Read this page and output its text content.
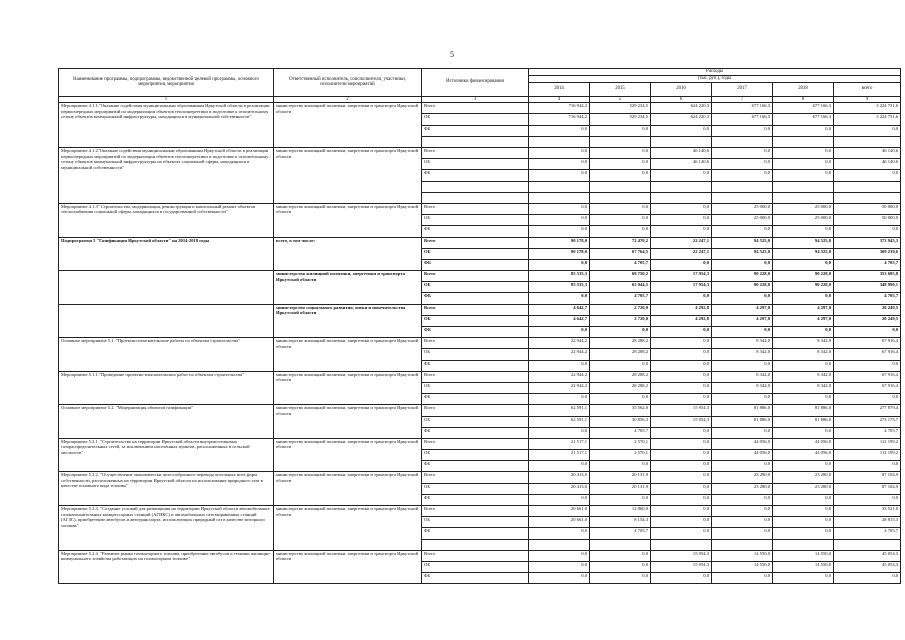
5
Наименование программы, подпрограммы, ведомственной целевой программы, основного мероприятия, мероприятия	Ответственный исполнитель, соисполнители, участники, исполнители мероприятий	Источники финансирования	Расходы					
			(тыс. руб.), годы					
			2014	2015	2016	2017	2018	всего
1	2	3	4	5	6	7	8	9
Мероприятие 4.1.1."Оказание содействия муниципальным образованиям Иркутской области в реализации первоочередных мероприятий по модернизации объектов теплоэнергетики и подготовке к отопительному сезону объектов коммунальной инфраструктуры, находящихся в муниципальной собственности"	министерство жилищной политики, энергетики и транспорта Иркутской области	Всего	716 944,2	529 234,5	624 220,3	677 166,3	677 166,3	3 224 731,6
		ОБ	716 944,2	529 234,5	624 220,3	677 166,3	677 166,3	3 224 731,6
		ФБ	0,0	0,0	0,0	0,0	0,0	0,0

Мероприятие 4.1.2"Оказание содействия муниципальным образованиям Иркутской области в реализации первоочередных мероприятий по модернизации объектов теплоэнергетики и подготовке к отопительному сезону объектов коммунальной инфраструктуры на объектах социальной сферы, находящихся в муниципальной собственности"	министерство жилищной политики, энергетики и транспорта Иркутской области	Всего	0,0	0,0	46 140,6	0,0	0,0	46 140,6
		ОБ	0,0	0,0	46 140,6	0,0	0,0	46 140,6
		ФБ	0,0	0,0	0,0	0,0	0,0	0,0

Мероприятие 4.1.3" Строительство, модернизация, реконструкция и капитальный ремонт объектов теплоснабжения социальной сферы, находящихся в государственной собственности"	министерство жилищной политики, энергетики и транспорта Иркутской области	Всего	0,0	0,0	0,0	25 000,0	25 000,0	50 000,0
		ОБ	0,0	0,0	0,0	25 000,0	25 000,0	50 000,0
		ФБ	0,0	0,0	0,0	0,0	0,0	0,0
Подпрограмма 5 "Газификация Иркутской области" на 2014-2018 годы	всего, в том числе:	Всего	90 178,0	72 470,2	22 247,1	94 525,0	94 525,0	373 945,3
		ОБ	90 178,0	67 764,5	22 247,1	94 525,0	94 525,0	369 239,6
		ФБ	0,0	4 705,7	0,0	0,0	0,0	4 705,7
	министерство жилищной политики, энергетики и транспорта Иркутской области	Всего	85 535,3	69 750,2	17 954,3	90 228,0	90 228,0	353 695,8
		ОБ	85 535,3	65 044,5	17 954,3	90 228,0	90 228,0	348 990,1
		ФБ	0,0	4 705,7	0,0	0,0	0,0	4 705,7
	министерство социального развития, опеки и попечительства Иркутской области	Всего	4 642,7	2 720,0	4 292,8	4 297,0	4 297,0	20 249,5
		ОБ	4 642,7	2 720,0	4 292,8	4 297,0	4 297,0	20 249,5
		ФБ	0,0	0,0	0,0	0,0	0,0	0,0
Основное мероприятие 5.1. "Проектно-изыскательские работы по объектам строительства"	министерство жилищной политики, энергетики и транспорта Иркутской области	Всего	22 944,2	28 288,2	0,0	8 342,0	8 342,0	67 916,4
		ОБ	22 944,2	28 288,2	0,0	8 342,0	8 342,0	67 916,4
		ФБ	0,0	0,0	0,0	0,0	0,0	0,0
Мероприятие 5.1.1."Проведение проектно-изыскательских работ по объектам строительства"	министерство жилищной политики, энергетики и транспорта Иркутской области	Всего	22 944,2	28 288,2	0,0	8 342,0	8 342,0	67 916,4
		ОБ	22 944,2	28 288,2	0,0	8 342,0	8 342,0	67 916,4
		ФБ	0,0	0,0	0,0	0,0	0,0	0,0
Основное мероприятие 5.2. "Модернизация объектов газификации"	министерство жилищной политики, энергетики и транспорта Иркутской области	Всего	62 591,1	35 562,0	15 954,3	81 886,0	81 886,0	277 879,4
		ОБ	62 591,1	30 856,3	15 954,3	81 886,0	81 886,0	273 173,7
		ФБ	0,0	4 705,7	0,0	0,0	0,0	4 705,7
Мероприятие 5.2.1. "Строительство на территории Иркутской области внутрипоселковых газораспределительных сетей, за исключением населенных пунктов, расположенных в сельской местности"	министерство жилищной политики, энергетики и транспорта Иркутской области	Всего	21 517,1	2 570,1	0,0	44 056,0	44 056,0	112 199,2
		ОБ	21 517,1	2 570,1	0,0	44 056,0	44 056,0	112 199,2
		ФБ	0,0	0,0	0,0	0,0	0,0	0,0
Мероприятие 5.2.2. "Осуществление экономически целесообразного перевода котельных всех форм собственности, расположенных на территории Иркутской области на использование природного газа в качестве основного вида топлива"	министерство жилищной политики, энергетики и транспорта Иркутской области	Всего	20 413,0	20 131,9	0,0	23 280,0	23 280,0	87 104,9
		ОБ	20 413,0	20 131,9	0,0	23 280,0	23 280,0	87 104,9
		ФБ	0,0	0,0	0,0	0,0	0,0	0,0
Мероприятие 5.2.3. "Создание условий для размещения на территории Иркутской области автомобильных газонаполнительных компрессорных станций (АГНКС) и автомобильных газозаправочных станций (АГЗС), приобретение автобусов и автотранспорта, использующих природный газ в качестве моторного топлива"	министерство жилищной политики, энергетики и транспорта Иркутской области	Всего	20 661,0	12 860,0	0,0	0,0	0,0	33 521,0
		ОБ	20 661,0	8 154,3	0,0	0,0	0,0	28 815,3
		ФБ	0,0	4 705,7	0,0	0,0	0,0	4 705,7

Мероприятие 5.2.4. "Развитие рынка газомоторного топлива, приобретение автобусов и техники жилищно-коммунального хозяйства работающих на газомоторном топливе"	министерство жилищной политики, энергетики и транспорта Иркутской области	Всего	0,0	0,0	15 954,3	14 550,0	14 550,0	45 054,3
		ОБ	0,0	0,0	15 954,3	14 550,0	14 550,0	45 054,3
		ФБ	0,0	0,0	0,0	0,0	0,0	0,0
